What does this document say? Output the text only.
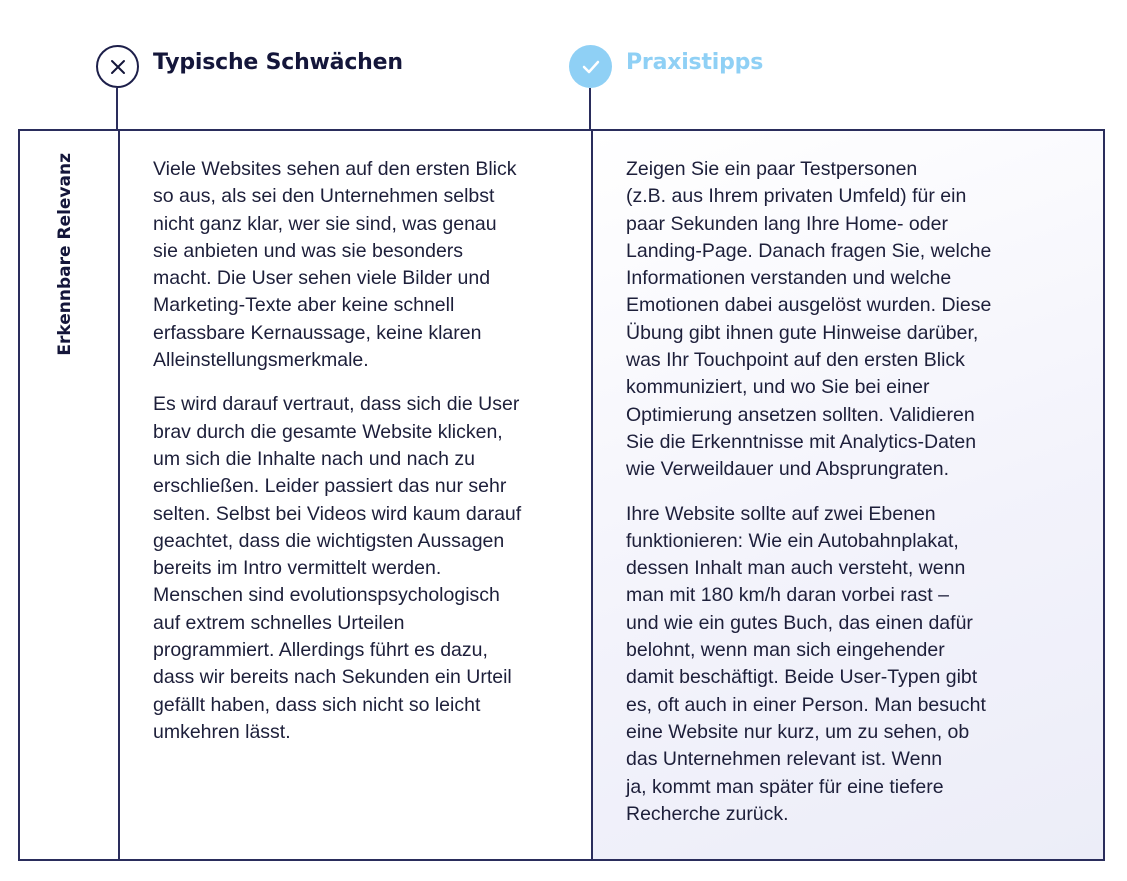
Typische Schwächen	Praxistipps
Erkennbare Relevanz	Viele Websites sehen auf den ersten Blick
so aus, als sei den Unternehmen selbst
nicht ganz klar, wer sie sind, was genau
sie anbieten und was sie besonders
macht. Die User sehen viele Bilder und
Marketing-Texte aber keine schnell
erfassbare Kernaussage, keine klaren
Alleinstellungsmerkmale.

Es wird darauf vertraut, dass sich die User
brav durch die gesamte Website klicken,
um sich die Inhalte nach und nach zu
erschließen. Leider passiert das nur sehr
selten. Selbst bei Videos wird kaum darauf
geachtet, dass die wichtigsten Aussagen
bereits im Intro vermittelt werden.
Menschen sind evolutionspsychologisch
auf extrem schnelles Urteilen
programmiert. Allerdings führt es dazu,
dass wir bereits nach Sekunden ein Urteil
gefällt haben, dass sich nicht so leicht
umkehren lässt.

Zeigen Sie ein paar Testpersonen
(z.B. aus Ihrem privaten Umfeld) für ein
paar Sekunden lang Ihre Home- oder
Landing-Page. Danach fragen Sie, welche
Informationen verstanden und welche
Emotionen dabei ausgelöst wurden. Diese
Übung gibt ihnen gute Hinweise darüber,
was Ihr Touchpoint auf den ersten Blick
kommuniziert, und wo Sie bei einer
Optimierung ansetzen sollten. Validieren
Sie die Erkenntnisse mit Analytics-Daten
wie Verweildauer und Absprungraten.

Ihre Website sollte auf zwei Ebenen
funktionieren: Wie ein Autobahnplakat,
dessen Inhalt man auch versteht, wenn
man mit 180 km/h daran vorbei rast –
und wie ein gutes Buch, das einen dafür
belohnt, wenn man sich eingehender
damit beschäftigt. Beide User-Typen gibt
es, oft auch in einer Person. Man besucht
eine Website nur kurz, um zu sehen, ob
das Unternehmen relevant ist. Wenn
ja, kommt man später für eine tiefere
Recherche zurück.
